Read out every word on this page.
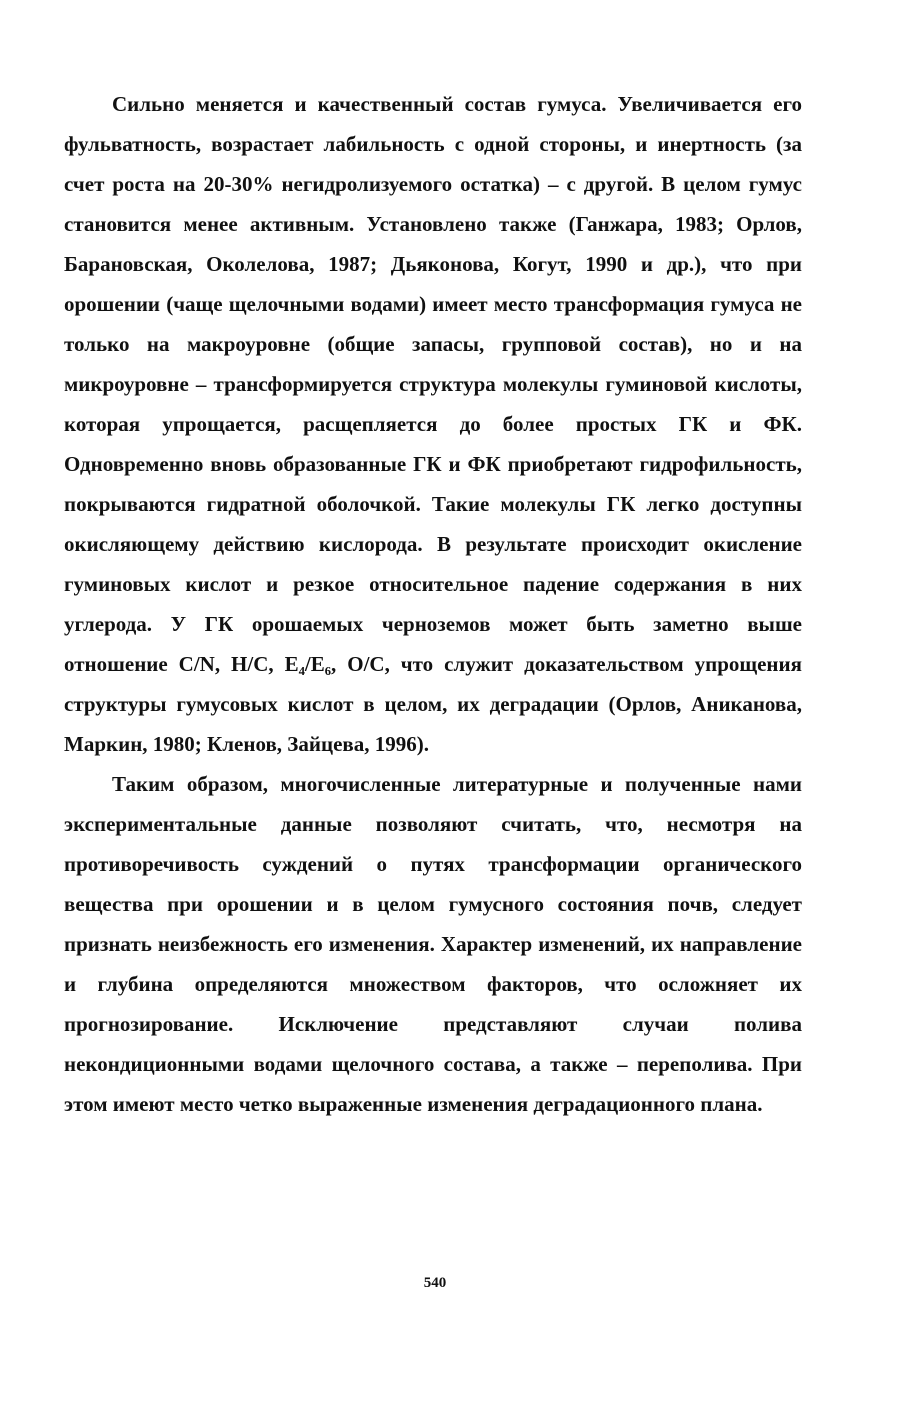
Сильно меняется и качественный состав гумуса. Увеличивается его фульватность, возрастает лабильность с одной стороны, и инертность (за счет роста на 20-30% негидролизуемого остатка) – с другой. В целом гумус становится менее активным. Установлено также (Ганжара, 1983; Орлов, Барановская, Околелова, 1987; Дьяконова, Когут, 1990 и др.), что при орошении (чаще щелочными водами) имеет место трансформация гумуса не только на макроуровне (общие запасы, групповой состав), но и на микроуровне – трансформируется структура молекулы гуминовой кислоты, которая упрощается, расщепляется до более простых ГК и ФК. Одновременно вновь образованные ГК и ФК приобретают гидрофильность, покрываются гидратной оболочкой. Такие молекулы ГК легко доступны окисляющему действию кислорода. В результате происходит окисление гуминовых кислот и резкое относительное падение содержания в них углерода. У ГК орошаемых черноземов может быть заметно выше отношение C/N, H/C, E₄/E₆, O/C, что служит доказательством упрощения структуры гумусовых кислот в целом, их деградации (Орлов, Аниканова, Маркин, 1980; Кленов, Зайцева, 1996).

Таким образом, многочисленные литературные и полученные нами экспериментальные данные позволяют считать, что, несмотря на противоречивость суждений о путях трансформации органического вещества при орошении и в целом гумусного состояния почв, следует признать неизбежность его изменения. Характер изменений, их направление и глубина определяются множеством факторов, что осложняет их прогнозирование. Исключение представляют случаи полива некондиционными водами щелочного состава, а также – переполива. При этом имеют место четко выраженные изменения деградационного плана.

540
